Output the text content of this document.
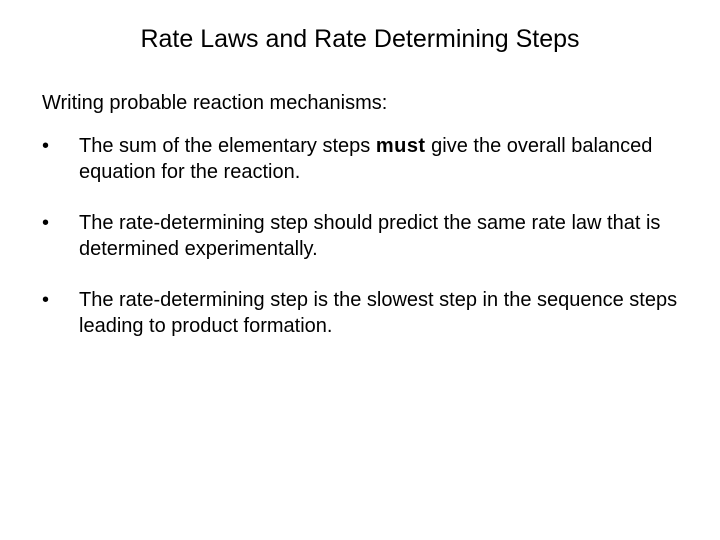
Rate Laws and Rate Determining Steps
Writing probable reaction mechanisms:
•	The sum of the elementary steps must give the overall balanced equation for the reaction.
•	The rate-determining step should predict the same rate law that is determined experimentally.
•	The rate-determining step is the slowest step in the sequence steps leading to product formation.
